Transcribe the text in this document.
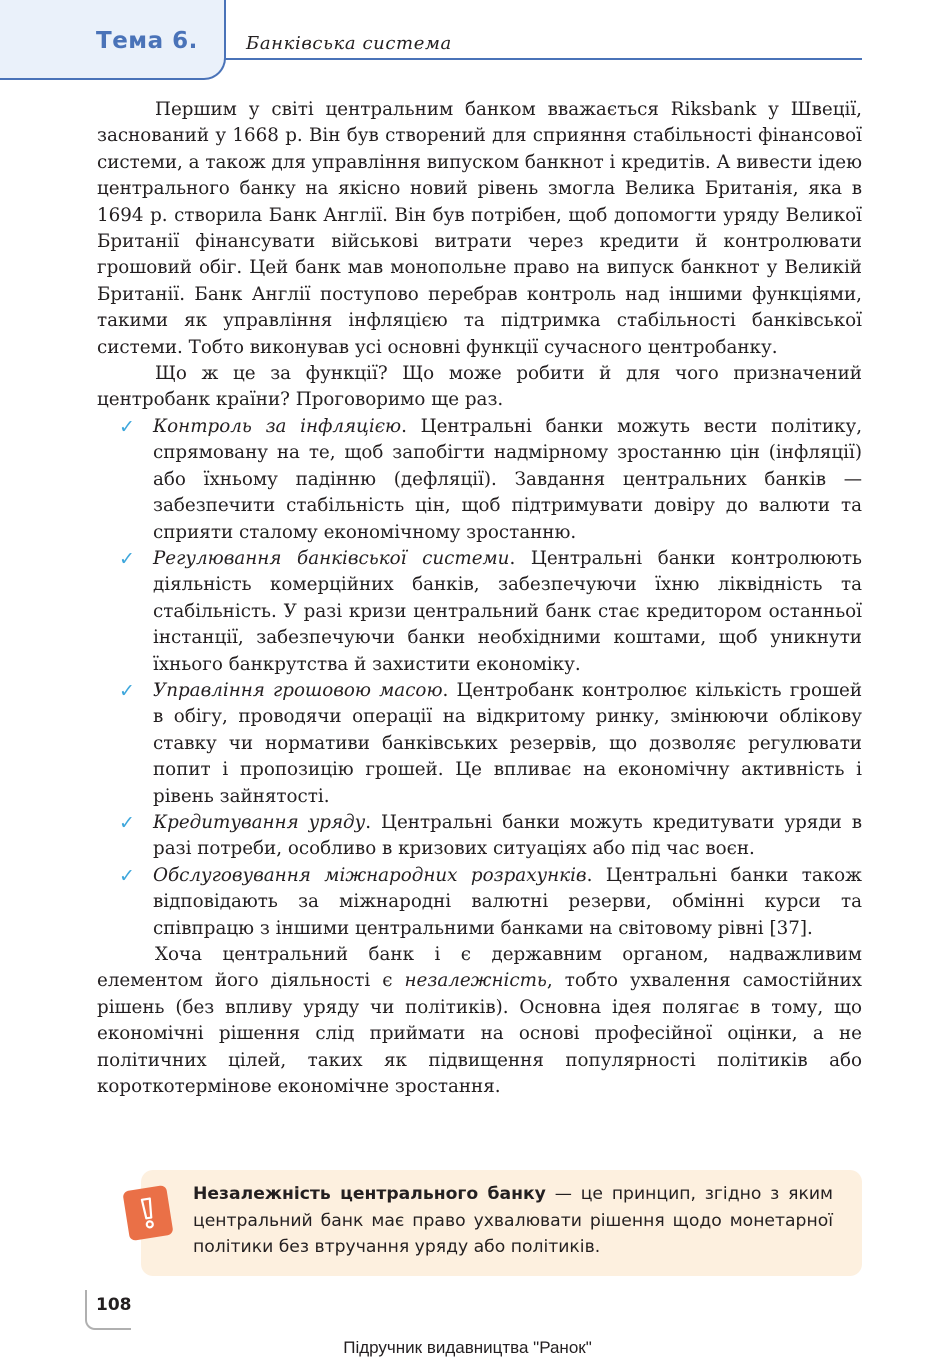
Тема 6.	Банківська система

Першим у світі центральним банком вважається Riksbank у Швеції, заснований у 1668 р. Він був створений для сприяння стабільності фінансової системи, а також для управління випуском банкнот і кредитів. А вивести ідею центрального банку на якісно новий рівень змогла Велика Британія, яка в 1694 р. створила Банк Англії. Він був потрібен, щоб допомогти уряду Великої Британії фінансувати військові витрати через кредити й контролювати грошовий обіг. Цей банк мав монопольне право на випуск банкнот у Великій Британії. Банк Англії поступово перебрав контроль над іншими функціями, такими як управління інфляцією та підтримка стабільності банківської системи. Тобто виконував усі основні функції сучасного центробанку.

Що ж це за функції? Що може робити й для чого призначений центробанк країни? Проговоримо ще раз.

✓ Контроль за інфляцією. Центральні банки можуть вести політику, спрямовану на те, щоб запобігти надмірному зростанню цін (інфляції) або їхньому падінню (дефляції). Завдання центральних банків — забезпечити стабільність цін, щоб підтримувати довіру до валюти та сприяти сталому економічному зростанню.
✓ Регулювання банківської системи. Центральні банки контролюють діяльність комерційних банків, забезпечуючи їхню ліквідність та стабільність. У разі кризи центральний банк стає кредитором останньої інстанції, забезпечуючи банки необхідними коштами, щоб уникнути їхнього банкрутства й захистити економіку.
✓ Управління грошовою масою. Центробанк контролює кількість грошей в обігу, проводячи операції на відкритому ринку, змінюючи облікову ставку чи нормативи банківських резервів, що дозволяє регулювати попит і пропозицію грошей. Це впливає на економічну активність і рівень зайнятості.
✓ Кредитування уряду. Центральні банки можуть кредитувати уряди в разі потреби, особливо в кризових ситуаціях або під час воєн.
✓ Обслуговування міжнародних розрахунків. Центральні банки також відповідають за міжнародні валютні резерви, обмінні курси та співпрацю з іншими центральними банками на світовому рівні [37].

Хоча центральний банк і є державним органом, надважливим елементом його діяльності є незалежність, тобто ухвалення самостійних рішень (без впливу уряду чи політиків). Основна ідея полягає в тому, що економічні рішення слід приймати на основі професійної оцінки, а не політичних цілей, таких як підвищення популярності політиків або короткотермінове економічне зростання.

Незалежність центрального банку — це принцип, згідно з яким центральний банк має право ухвалювати рішення щодо монетарної політики без втручання уряду або політиків.
108
Підручник видавництва "Ранок"
